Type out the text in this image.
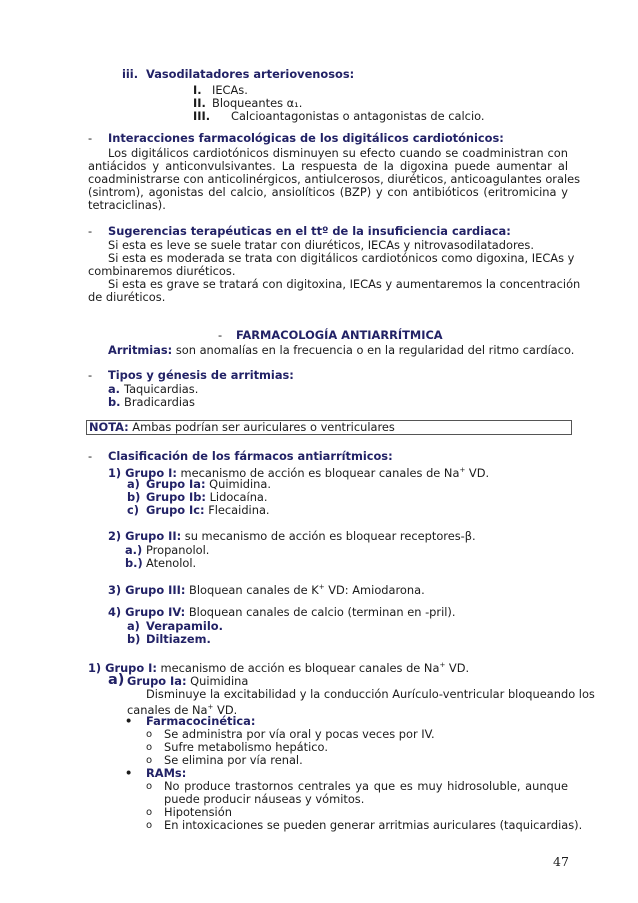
iii. Vasodilatadores arteriovenosos:
I. IECAs.
II. Bloqueantes α₁.
III. Calcioantagonistas o antagonistas de calcio.
- Interacciones farmacológicas de los digitálicos cardiotónicos:
Los digitálicos cardiotónicos disminuyen su efecto cuando se coadministran con
antiácidos y anticonvulsivantes. La respuesta de la digoxina puede aumentar al
coadministrarse con anticolinérgicos, antiulcerosos, diuréticos, anticoagulantes orales
(sintrom), agonistas del calcio, ansiolíticos (BZP) y con antibióticos (eritromicina y
tetraciclinas).
- Sugerencias terapéuticas en el ttº de la insuficiencia cardiaca:
Si esta es leve se suele tratar con diuréticos, IECAs y nitrovasodilatadores.
Si esta es moderada se trata con digitálicos cardiotónicos como digoxina, IECAs y
combinaremos diuréticos.
Si esta es grave se tratará con digitoxina, IECAs y aumentaremos la concentración
de diuréticos.
- FARMACOLOGÍA ANTIARRÍTMICA
Arritmias: son anomalías en la frecuencia o en la regularidad del ritmo cardíaco.
- Tipos y génesis de arritmias:
a. Taquicardias.
b. Bradicardias
NOTA: Ambas podrían ser auriculares o ventriculares
- Clasificación de los fármacos antiarrítmicos:
1) Grupo I: mecanismo de acción es bloquear canales de Na+ VD.
a) Grupo Ia: Quimidina.
b) Grupo Ib: Lidocaína.
c) Grupo Ic: Flecaidina.
2) Grupo II: su mecanismo de acción es bloquear receptores-β.
a.) Propanolol.
b.) Atenolol.
3) Grupo III: Bloquean canales de K+ VD: Amiodarona.
4) Grupo IV: Bloquean canales de calcio (terminan en -pril).
a) Verapamilo.
b) Diltiazem.
1) Grupo I: mecanismo de acción es bloquear canales de Na+ VD.
a) Grupo Ia: Quimidina
Disminuye la excitabilidad y la conducción Aurículo-ventricular bloqueando los
canales de Na+ VD.
• Farmacocinética:
o Se administra por vía oral y pocas veces por IV.
o Sufre metabolismo hepático.
o Se elimina por vía renal.
• RAMs:
o No produce trastornos centrales ya que es muy hidrosoluble, aunque
puede producir náuseas y vómitos.
o Hipotensión
o En intoxicaciones se pueden generar arritmias auriculares (taquicardias).
47
